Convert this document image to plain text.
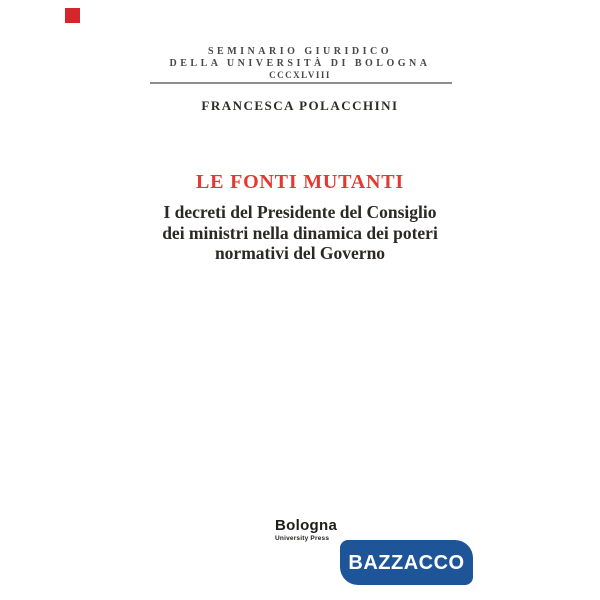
SEMINARIO GIURIDICO
DELLA UNIVERSITÀ DI BOLOGNA
CCCXLVIII
FRANCESCA POLACCHINI
LE FONTI MUTANTI
I decreti del Presidente del Consiglio
dei ministri nella dinamica dei poteri
normativi del Governo
Bologna
University Press
BAZZACCO
